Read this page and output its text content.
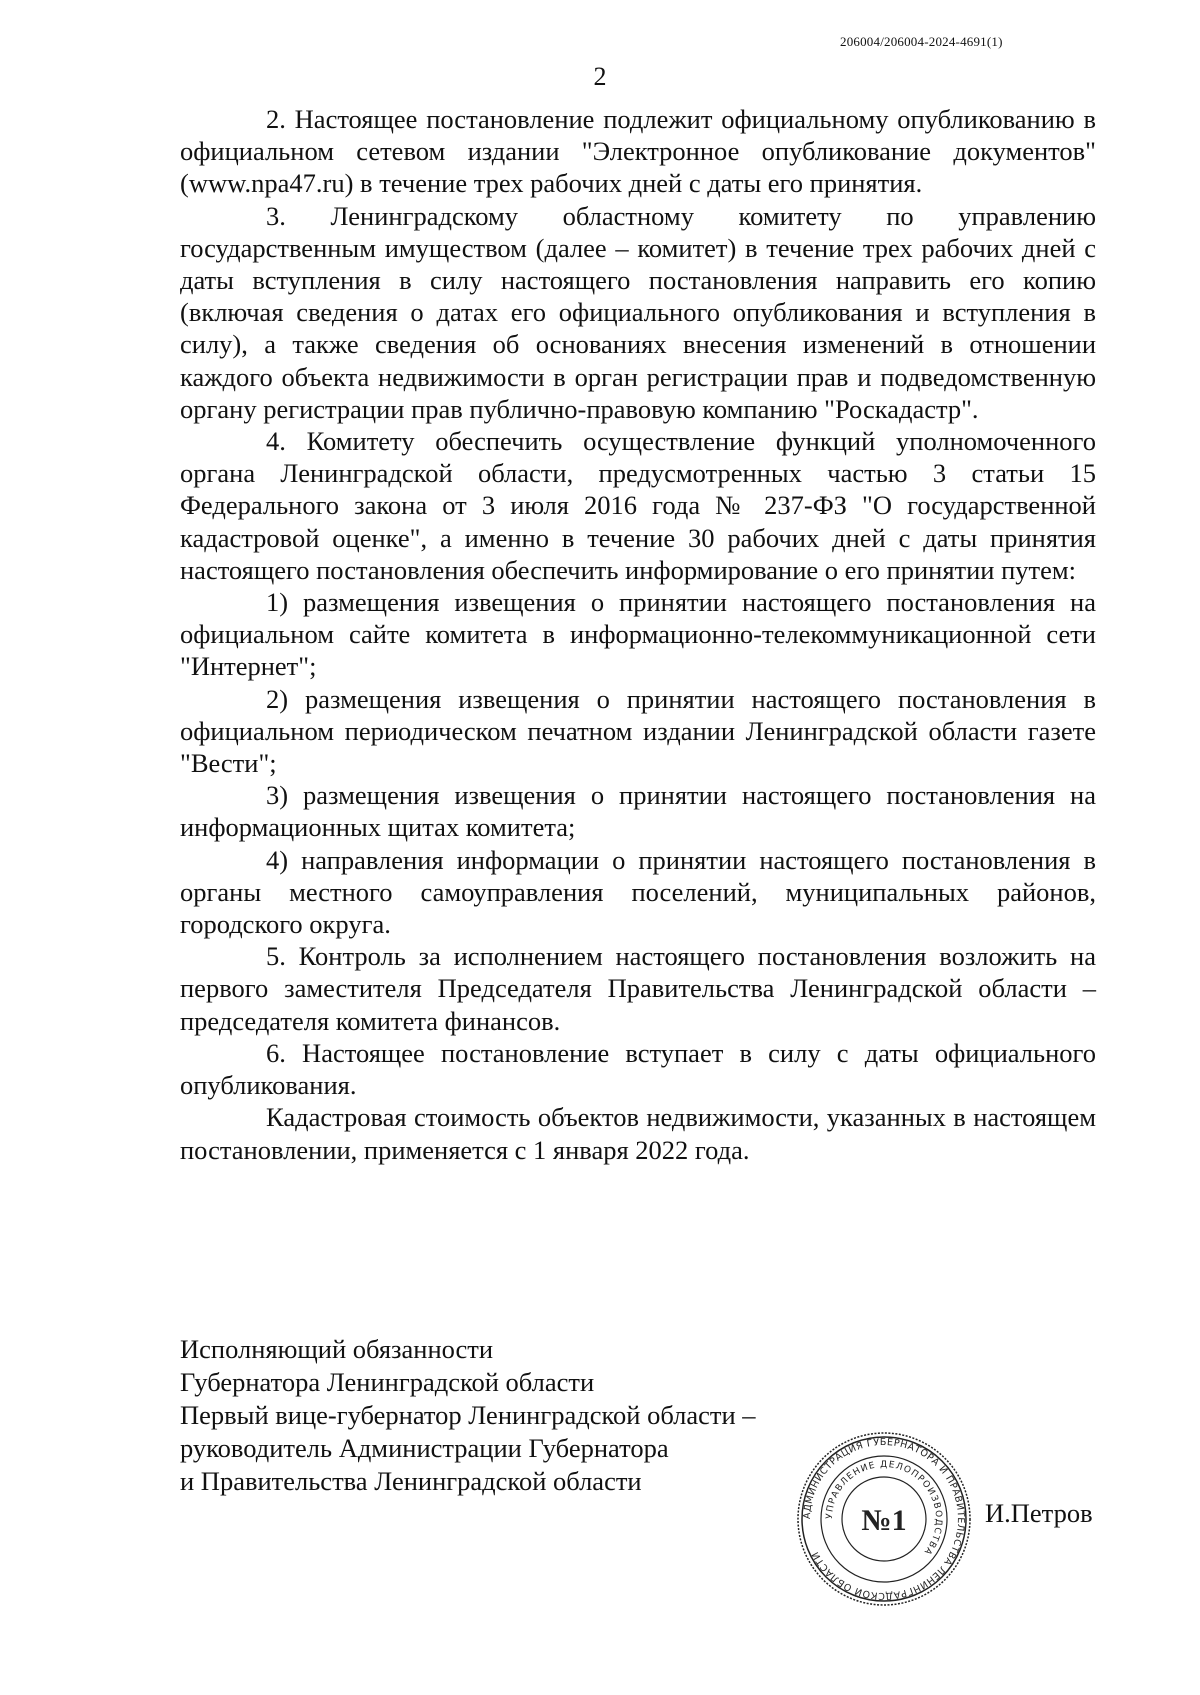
206004/206004-2024-4691(1)
2

2. Настоящее постановление подлежит официальному опубликованию в официальном сетевом издании "Электронное опубликование документов" (www.npa47.ru) в течение трех рабочих дней с даты его принятия.

3. Ленинградскому областному комитету по управлению государственным имуществом (далее – комитет) в течение трех рабочих дней с даты вступления в силу настоящего постановления направить его копию (включая сведения о датах его официального опубликования и вступления в силу), а также сведения об основаниях внесения изменений в отношении каждого объекта недвижимости в орган регистрации прав и подведомственную органу регистрации прав публично-правовую компанию "Роскадастр".

4. Комитету обеспечить осуществление функций уполномоченного органа Ленинградской области, предусмотренных частью 3 статьи 15 Федерального закона от 3 июля 2016 года № 237-ФЗ "О государственной кадастровой оценке", а именно в течение 30 рабочих дней с даты принятия настоящего постановления обеспечить информирование о его принятии путем:

1) размещения извещения о принятии настоящего постановления на официальном сайте комитета в информационно-телекоммуникационной сети "Интернет";

2) размещения извещения о принятии настоящего постановления в официальном периодическом печатном издании Ленинградской области газете "Вести";

3) размещения извещения о принятии настоящего постановления на информационных щитах комитета;

4) направления информации о принятии настоящего постановления в органы местного самоуправления поселений, муниципальных районов, городского округа.

5. Контроль за исполнением настоящего постановления возложить на первого заместителя Председателя Правительства Ленинградской области – председателя комитета финансов.

6. Настоящее постановление вступает в силу с даты официального опубликования.

Кадастровая стоимость объектов недвижимости, указанных в настоящем постановлении, применяется с 1 января 2022 года.

Исполняющий обязанности
Губернатора Ленинградской области
Первый вице-губернатор Ленинградской области –
руководитель Администрации Губернатора
и Правительства Ленинградской области
И.Петров
АДМИНИСТРАЦИЯ ГУБЕРНАТОРА И ПРАВИТЕЛЬСТВА ЛЕНИНГРАДСКОЙ ОБЛАСТИ
УПРАВЛЕНИЕ ДЕЛОПРОИЗВОДСТВА
№1
